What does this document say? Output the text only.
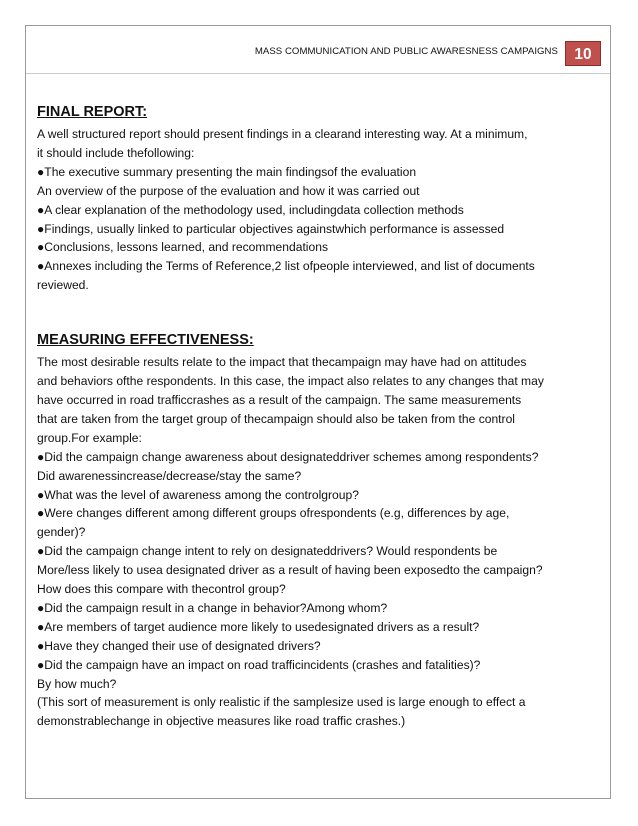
MASS COMMUNICATION AND PUBLIC AWARESNESS CAMPAIGNS	10
FINAL REPORT:

A well structured report should present findings in a clearand interesting way. At a minimum,

it should include thefollowing:

●The executive summary presenting the main findingsof the evaluation

An overview of the purpose of the evaluation and how it was carried out

●A clear explanation of the methodology used, includingdata collection methods

●Findings, usually linked to particular objectives againstwhich performance is assessed

●Conclusions, lessons learned, and recommendations

●Annexes including the Terms of Reference,2 list ofpeople interviewed, and list of documents

reviewed.

MEASURING EFFECTIVENESS:

The most desirable results relate to the impact that thecampaign may have had on attitudes

and behaviors ofthe respondents. In this case, the impact also relates to any changes that may

have occurred in road trafficcrashes as a result of the campaign. The same measurements

that are taken from the target group of thecampaign should also be taken from the control

group.For example:

●Did the campaign change awareness about designateddriver schemes among respondents?

Did awarenessincrease/decrease/stay the same?

●What was the level of awareness among the controlgroup?

●Were changes different among different groups ofrespondents (e.g, differences by age,

gender)?

●Did the campaign change intent to rely on designateddrivers? Would respondents be

More/less likely to usea designated driver as a result of having been exposedto the campaign?

How does this compare with thecontrol group?

●Did the campaign result in a change in behavior?Among whom?

●Are members of target audience more likely to usedesignated drivers as a result?

●Have they changed their use of designated drivers?

●Did the campaign have an impact on road trafficincidents (crashes and fatalities)?

By how much?

(This sort of measurement is only realistic if the samplesize used is large enough to effect a

demonstrablechange in objective measures like road traffic crashes.)
